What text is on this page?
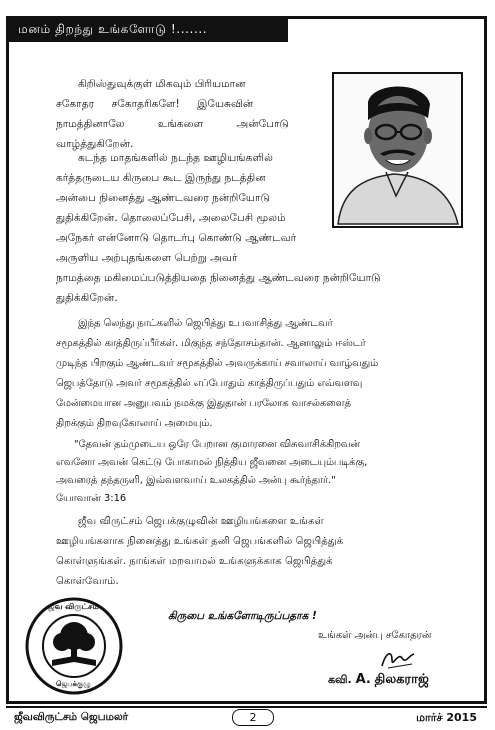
மனம் திறந்து உங்களோடு !.......
கிறிஸ்துவுக்குள் மிகவும் பிரியமான
சகோதர சகோதரிகளே! இயேசுவின்
நாமத்தினாலே உங்களை அன்போடு
வாழ்த்துகிறேன்.
கடந்த மாதங்களில் நடந்த ஊழியங்களில்
கர்த்தருடைய கிருபை கூட இருந்து நடத்தின
அன்பை நினைத்து ஆண்டவரை நன்றியோடு
துதிக்கிறேன். தொலைப்பேசி, அலைபேசி மூலம்
அநேகர் என்னோடு தொடர்பு கொண்டு ஆண்டவர்
அருளிய அற்புதங்களை பெற்று அவர்
நாமத்தை மகிமைப்படுத்தியதை நினைத்து ஆண்டவரை நன்றியோடு
துதிக்கிறேன்.
இந்த லெந்து நாட்களில் ஜெபித்து உபவாசித்து ஆண்டவர்
சமூகத்தில் காத்திருப்பீர்கள். மிகுந்த சந்தோசம்தான். ஆனாலும் ஈஸ்டர்
முடிந்த பிறகும் ஆண்டவர் சமூகத்தில் அவருக்காய் சவாலாய் வாழ்வதும்
ஜெபத்தோடு அவர் சமூகத்தில் எப்போதும் காத்திருப்பதும் எவ்வளவு
மேன்மையான அனுபவம் நமக்கு இதுதான் பரலோக வாசல்களைத்
திறக்கும் திறவுகோலாய் அமையும்.
"தேவன் தம்முடைய ஒரே பேறான குமாரனை விசுவாசிக்கிறவன்
எவனோ அவன் கெட்டு போகாமல் நித்திய ஜீவனை அடையும்படிக்கு,
அவரைத் தந்தருளி, இவ்வளவாய் உலகத்தில் அன்பு கூர்ந்தார்."
யோவான் 3:16
ஜீவ விருட்சம் ஜெபக்குழுவின் ஊழியங்களை உங்கள்
ஊழியங்களாக நினைத்து உங்கள் தனி ஜெபங்களில் ஜெபித்துக்
கொள்ளுங்கள். நாங்கள் மறவாமல் உங்களுக்காக ஜெபித்துக்
கொள்வோம்.
ஜீவ விருட்சம்
ஜெபக்குழு
கிருபை உங்களோடிருப்பதாக !
உங்கள் அன்பு சகோதரன்
கவி. A. திலகராஜ்
ஜீவவிருட்சம் ஜெபமலர்	2	மார்ச் 2015
